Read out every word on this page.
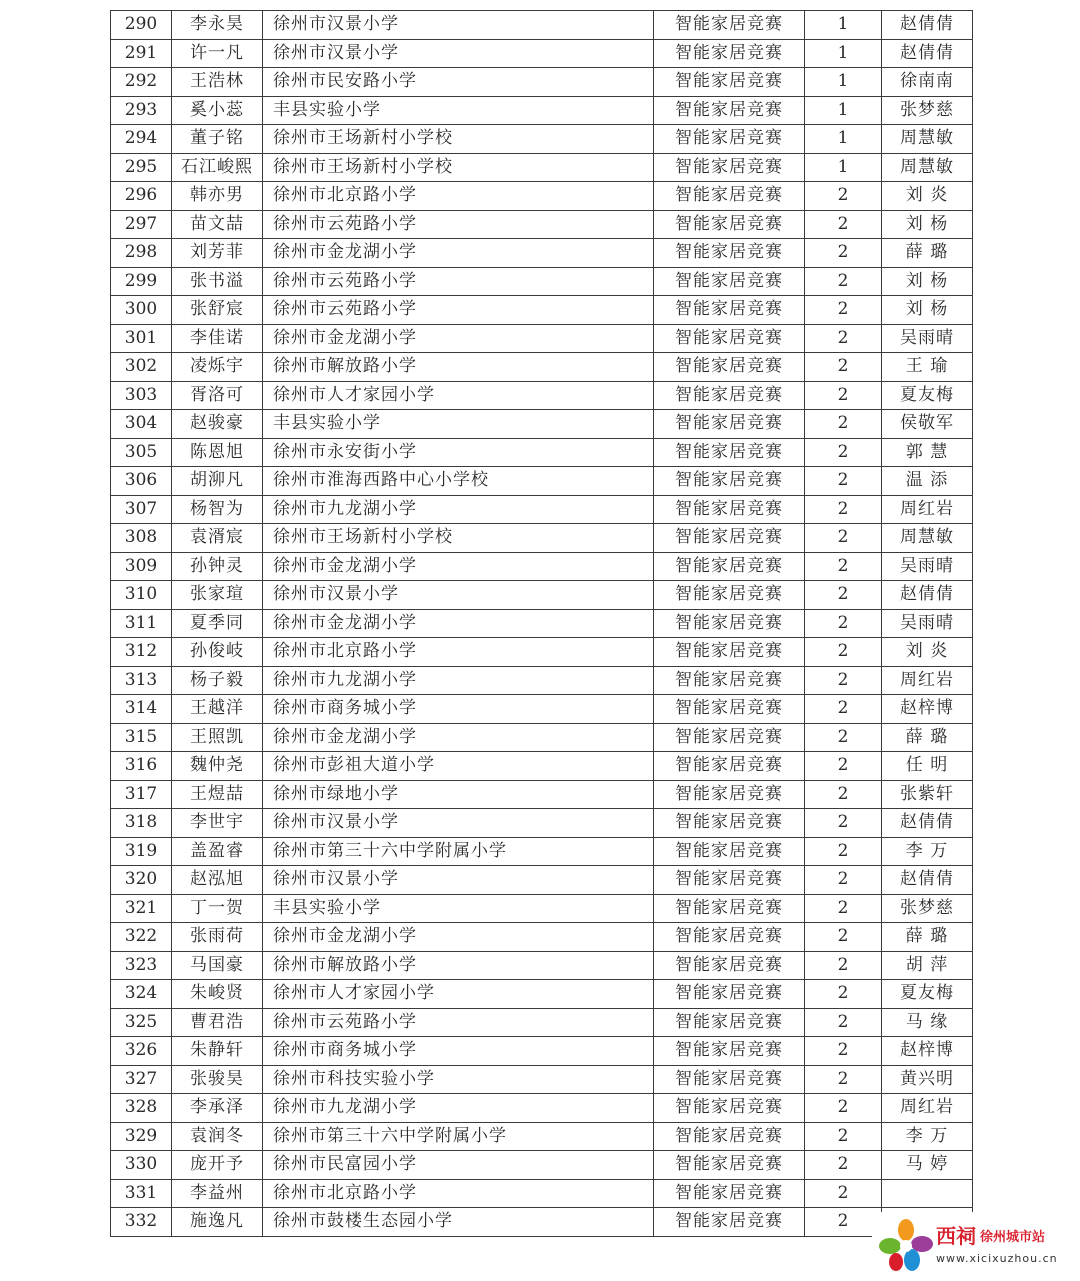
290	李永昊	徐州市汉景小学	智能家居竞赛	1	赵倩倩
291	许一凡	徐州市汉景小学	智能家居竞赛	1	赵倩倩
292	王浩林	徐州市民安路小学	智能家居竞赛	1	徐南南
293	奚小蕊	丰县实验小学	智能家居竞赛	1	张梦慈
294	董子铭	徐州市王场新村小学校	智能家居竞赛	1	周慧敏
295	石江峻熙	徐州市王场新村小学校	智能家居竞赛	1	周慧敏
296	韩亦男	徐州市北京路小学	智能家居竞赛	2	刘 炎
297	苗文喆	徐州市云苑路小学	智能家居竞赛	2	刘 杨
298	刘芳菲	徐州市金龙湖小学	智能家居竞赛	2	薛 璐
299	张书溢	徐州市云苑路小学	智能家居竞赛	2	刘 杨
300	张舒宸	徐州市云苑路小学	智能家居竞赛	2	刘 杨
301	李佳诺	徐州市金龙湖小学	智能家居竞赛	2	吴雨晴
302	凌烁宇	徐州市解放路小学	智能家居竞赛	2	王 瑜
303	胥洛可	徐州市人才家园小学	智能家居竞赛	2	夏友梅
304	赵骏豪	丰县实验小学	智能家居竞赛	2	侯敬军
305	陈恩旭	徐州市永安街小学	智能家居竞赛	2	郭 慧
306	胡泖凡	徐州市淮海西路中心小学校	智能家居竞赛	2	温 添
307	杨智为	徐州市九龙湖小学	智能家居竞赛	2	周红岩
308	袁湑宸	徐州市王场新村小学校	智能家居竞赛	2	周慧敏
309	孙钟灵	徐州市金龙湖小学	智能家居竞赛	2	吴雨晴
310	张家瑄	徐州市汉景小学	智能家居竞赛	2	赵倩倩
311	夏季同	徐州市金龙湖小学	智能家居竞赛	2	吴雨晴
312	孙俊岐	徐州市北京路小学	智能家居竞赛	2	刘 炎
313	杨子毅	徐州市九龙湖小学	智能家居竞赛	2	周红岩
314	王越洋	徐州市商务城小学	智能家居竞赛	2	赵梓博
315	王照凯	徐州市金龙湖小学	智能家居竞赛	2	薛 璐
316	魏仲尧	徐州市彭祖大道小学	智能家居竞赛	2	任 明
317	王煜喆	徐州市绿地小学	智能家居竞赛	2	张紫轩
318	李世宇	徐州市汉景小学	智能家居竞赛	2	赵倩倩
319	盖盈睿	徐州市第三十六中学附属小学	智能家居竞赛	2	李 万
320	赵泓旭	徐州市汉景小学	智能家居竞赛	2	赵倩倩
321	丁一贺	丰县实验小学	智能家居竞赛	2	张梦慈
322	张雨荷	徐州市金龙湖小学	智能家居竞赛	2	薛 璐
323	马国豪	徐州市解放路小学	智能家居竞赛	2	胡 萍
324	朱峻贤	徐州市人才家园小学	智能家居竞赛	2	夏友梅
325	曹君浩	徐州市云苑路小学	智能家居竞赛	2	马 缘
326	朱静轩	徐州市商务城小学	智能家居竞赛	2	赵梓博
327	张骏昊	徐州市科技实验小学	智能家居竞赛	2	黄兴明
328	李承泽	徐州市九龙湖小学	智能家居竞赛	2	周红岩
329	袁润冬	徐州市第三十六中学附属小学	智能家居竞赛	2	李 万
330	庞开予	徐州市民富园小学	智能家居竞赛	2	马 婷
331	李益州	徐州市北京路小学	智能家居竞赛	2	
332	施逸凡	徐州市鼓楼生态园小学	智能家居竞赛	2	
西祠 徐州城市站
www.xicixuzhou.cn
